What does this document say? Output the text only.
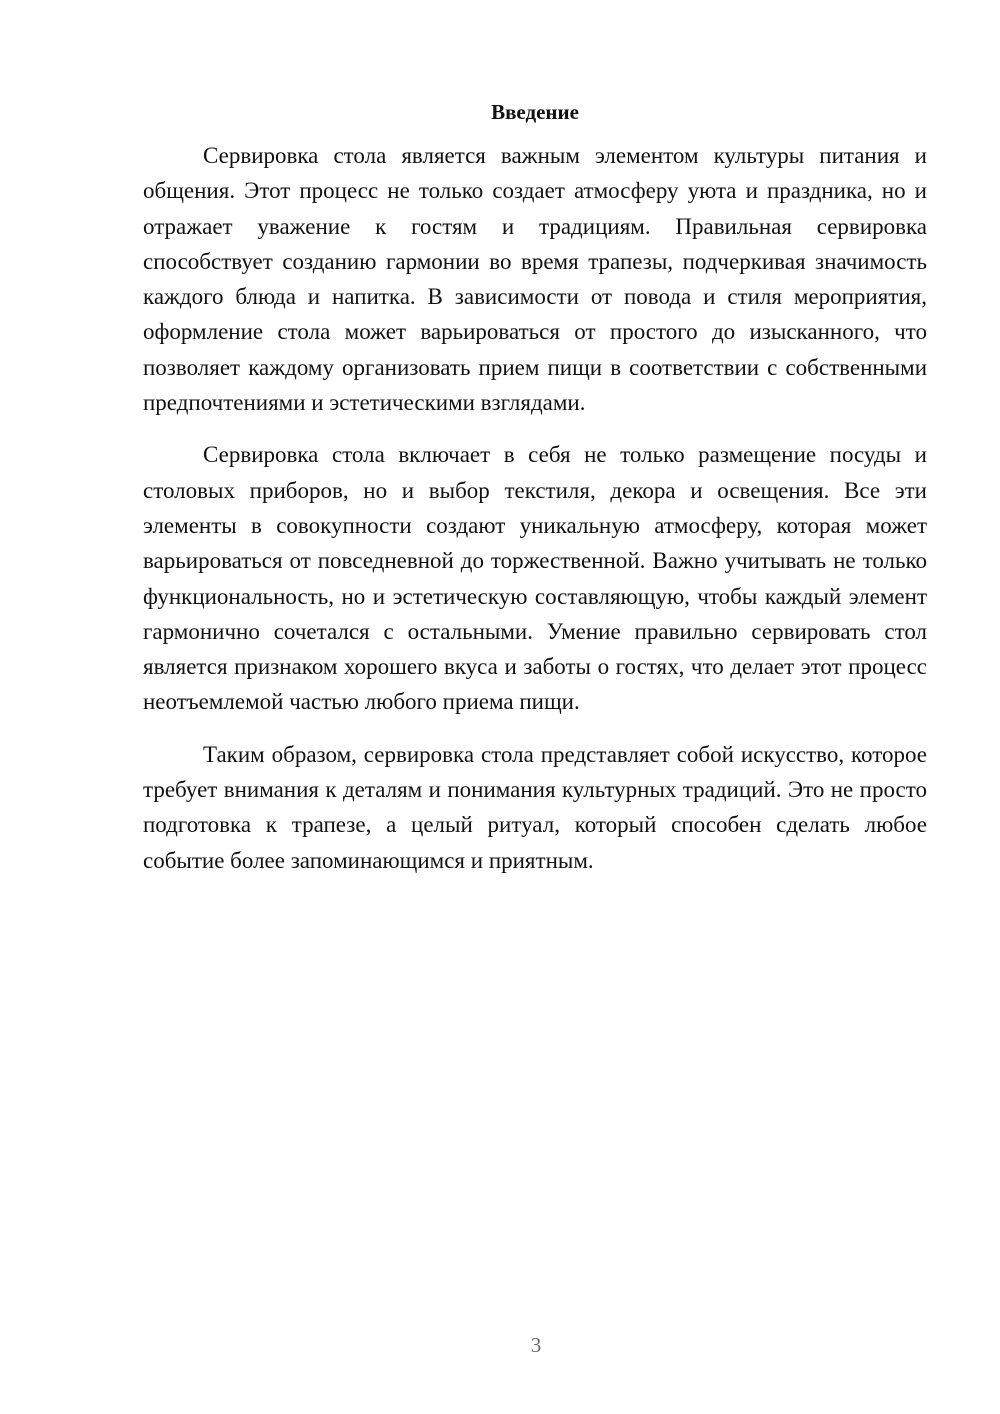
Введение

Сервировка стола является важным элементом культуры питания и общения. Этот процесс не только создает атмосферу уюта и праздника, но и отражает уважение к гостям и традициям. Правильная сервировка способствует созданию гармонии во время трапезы, подчеркивая значимость каждого блюда и напитка. В зависимости от повода и стиля мероприятия, оформление стола может варьироваться от простого до изысканного, что позволяет каждому организовать прием пищи в соответствии с собственными предпочтениями и эстетическими взглядами.

Сервировка стола включает в себя не только размещение посуды и столовых приборов, но и выбор текстиля, декора и освещения. Все эти элементы в совокупности создают уникальную атмосферу, которая может варьироваться от повседневной до торжественной. Важно учитывать не только функциональность, но и эстетическую составляющую, чтобы каждый элемент гармонично сочетался с остальными. Умение правильно сервировать стол является признаком хорошего вкуса и заботы о гостях, что делает этот процесс неотъемлемой частью любого приема пищи.

Таким образом, сервировка стола представляет собой искусство, которое требует внимания к деталям и понимания культурных традиций. Это не просто подготовка к трапезе, а целый ритуал, который способен сделать любое событие более запоминающимся и приятным.

3
